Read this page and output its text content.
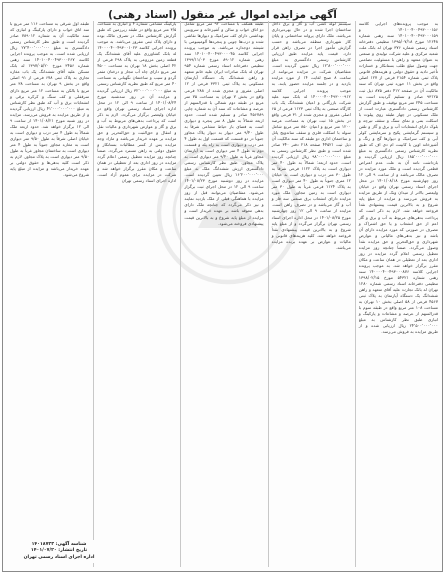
آگهی مزایده اموال غیر منقول (اسناد رهنی)

به موجب پرونده‌های اجرایی کلاسه ۱۴۰۱۰۰۴۰۰۴۹۳۰۰۰۱۵۶ و ۱۴۰۱۰۰۴۰۰۴۹۳۰۰۰۱۵۹ سند رهنی شماره ۱۲۶۴۸ مورخ ۱۳۹۵/۰۷/۱۸ تنظیمی دفترخانه اسناد رسمی شماره ۳۷۶ تهران له بانک ملت شعبه مرکزی و علیه شرکت تولیدی و صنعتی به عنوان متعهد و راهن با مسئولیت تضامنی جهت وصول مبلغ طلب بستانکار و خسارات تأخیر تادیه و حقوق دولتی و هزینه‌های قانونی پلاک ثبتی شماره ۲۱۵۴ فرعی از ۱۲۷ اصلی واقع در بخش ۱۱ حوزه ثبتی تهران که سند مالکیت آن در صفحه ۴۱۲ دفتر ۸۷۵ ذیل ثبت ۹۳۱۲۵ صادر و تسلیم گردیده است به مساحت ۲۴۵ متر مربع توقیف و طبق گزارش کارشناس رسمی دادگستری عبارت است از ملک مسکونی در چهار طبقه روی پیلوت با اسکلت بتنی و نمای سنگ و سقف تیرچه و بلوک دارای انشعابات آب و برق و گاز و تلفن و سیستم گرمایشی پکیج و سرمایشی کولر آبی و کف سرامیک و دیوارها گچ و رنگ و آشپزخانه اوپن با کابینت ام دی اف که طبق نظریه کارشناس رسمی دادگستری به مبلغ ۱۸۵٬۰۰۰٬۰۰۰٬۰۰۰ ریال ارزیابی گردیده و بازداشت نامه آن به علت عدم اعتراض قطعی گردیده است و ملک مورد مزایده در تصرف مالک می‌باشد و از ساعت ۹ الی ۱۲ روز چهارشنبه مورخ ۱۴۰۱/۰۸/۱۸ در محل اجرای اسناد رسمی تهران واقع در خیابان ولیعصر بالاتر از میدان ونک از طریق مزایده به فروش می‌رسد و مزایده از مبلغ پایه شروع و به بالاترین قیمت پیشنهادی نقداً فروخته خواهد شد. لازم به ذکر است که پرداخت بدهی‌های مربوط به آب و برق و گاز اعم از حق انشعاب و یا حق اشتراک و مصرف در صورتی که مورد مزایده دارای آن باشد و نیز بدهی‌های مالیاتی و عوارض شهرداری و حق‌التحریر و حق مزایده نقداً وصول می‌گردد. ضمناً چنانچه روز مزایده تعطیل رسمی اعلام گردد مزایده در روز اداری بعد از تعطیلی در همان ساعت و مکان مقرر برگزار خواهد شد. به موجب پرونده اجرایی کلاسه ۱۴۰۰۰۰۴۰۰۴۹۳۰۰۰۸۷۶ سند رهنی شماره ۵۴۳۲۱ مورخ ۱۳۹۸/۰۲/۱۵ تنظیمی دفترخانه اسناد رسمی شماره ۱۲۸۰ تهران له بانک تجارت علیه آقای متعهد و راهن ششدانگ یک دستگاه آپارتمان به پلاک ثبتی ۴۵۶۷ فرعی از ۵۸ اصلی بخش ۱۰ تهران به مساحت ۱۰۸ متر مربع واقع در طبقه سوم با قدرالسهم از عرصه و مشاعات و پارکینگ و انباری طبق نظر کارشناس به مبلغ ۲۴٬۵۰۰٬۰۰۰٬۰۰۰ ریال ارزیابی شده و از طریق مزایده به فروش می‌رسد.

سیستم لوله کشی آب و گاز و برق داخل ساختمان اجرا شده و در حال بهره‌برداری می‌باشد. ملک دارای پروانه ساختمانی و پایان کار شهرداری منطقه می‌باشد و حسب گزارش مأمور اجرا در تصرف راهن قرار دارد. قیمت پایه مزایده طبق ارزیابی کارشناس رسمی دادگستری به مبلغ ۱۲٬۸۰۰٬۰۰۰٬۰۰۰ ریال تعیین گردیده است. متقاضیان شرکت در مزایده می‌توانند از ساعت ۸ صبح لغایت ۱۴ از مورد مزایده بازدید و در جلسه مزایده حضور یابند. به موجب پرونده اجرایی کلاسه ۱۴۰۰۰۰۴۰۰۴۹۳۰۰۰۹۱۲ له بانک سپه علیه شرکت بازرگانی و اعیان ششدانگ یک باب کارگاه صنعتی به پلاک ثبتی ۱۱۲۳ فرعی از ۶۵ اصلی مفروز و مجزی شده از ۳۱ فرعی واقع در بخش ۱۵ ثبت تهران به مساحت عرصه ۱۲۰۰ متر مربع و اعیان ۸۵۰ متر مربع شامل سوله با اسکلت فلزی و سقف ساندویچ پانل و ساختمان اداری دو طبقه که سند مالکیت آن ذیل ثبت ۴۴۵۲۱ صفحه ۲۱۸ دفتر ۳۴۰ صادر شده است و طبق نظر کارشناس رسمی به مبلغ ۹۸٬۰۰۰٬۰۰۰٬۰۰۰ ریال ارزیابی گردیده است. حدود اربعه: شمالاً به طول ۴۰ متر دیواری است به پلاک ۱۱۲۲ فرعی شرقاً به طول ۳۰ متر درب و دیواری است به خیابان ۱۲ متری جنوباً به طول ۴۰ متر دیواری است به پلاک ۱۱۲۴ فرعی غرباً به طول ۳۰ متر دیواری است به زمین مجاور. ملک مورد مزایده دارای انشعاب برق صنعتی سه فاز و آب و گاز می‌باشد و در تصرف راهن است. مزایده از ساعت ۹ الی ۱۲ روز چهارشنبه مورخ ۱۴۰۱/۰۸/۲۵ در محل اداره اجرای اسناد رسمی تهران برگزار می‌گردد و از مبلغ پایه شروع و به بالاترین قیمت پیشنهادی نقداً فروخته خواهد شد. کلیه هزینه‌های قانونی و مالیات و عوارض بر عهده برنده مزایده می‌باشد.

طبقه همکف با مساحت ۹۲ متر مربع شامل دو اتاق خواب و سالن و آشپزخانه و سرویس بهداشتی دارای کف سرامیک و دیوارها نقاشی شده و درب‌ها چوبی و پنجره‌ها آلومینیومی با شیشه دوجداره می‌باشد. به موجب پرونده اجرایی کلاسه ۱۴۰۱۰۰۴۰۰۴۹۳۰۰۰۰۴۵ سند رهنی شماره ۸۹۰۱۲ مورخ ۱۳۹۹/۱۱/۰۳ تنظیمی دفترخانه اسناد رسمی شماره ۹۵۴ تهران له بانک صادرات ایران علیه خانم متعهد و راهن ششدانگ یک دستگاه آپارتمان مسکونی به پلاک ثبتی ۳۳۲۱ فرعی از ۱۲ اصلی مفروز و مجزی شده از ۲۸۸ فرعی واقع در بخش ۷ تهران به مساحت ۷۵ متر مربع در طبقه دوم شمالی با قدرالسهم از عرصه و مشاعات که سند آن به شماره چاپی ۴۵۶۷۸۹ صادر و تسلیم شده است. حدود اربعه شمالاً به طول ۸ متر پنجره و دیواری است به فضای باز حیاط مشاعی شرقاً به طول ۹/۴۰ متر دیوار به دیوار پلاک مجاور جنوباً در دو قسمت که قسمت اول به طول ۴ متر درب و دیواری است به راه پله و قسمت دوم به طول ۴ متر دیواری است به آپارتمان مجاور غرباً به طول ۹/۴۰ متر دیواری است به پلاک مجاور. طبق نظر کارشناس رسمی دادگستری ارزش ششدانگ ملک به مبلغ ۱۶٬۲۰۰٬۰۰۰٬۰۰۰ ریال تعیین گردیده است. مزایده در روز دوشنبه مورخ ۱۴۰۱/۰۸/۲۳ ساعت ۹ الی ۱۲ در محل اجرای ثبت برگزار می‌شود. متقاضیان می‌توانند قبل از روز مزایده با هماهنگی قبلی از ملک بازدید نمایند و نیز ذکر می‌گردد که چنانچه ملک دارای بدهی معوقه باشد بر عهده خریدار است و مزایده از مبلغ پایه شروع و به بالاترین قیمت پیشنهادی فروخته می‌شود.

پارکینگ مشاعی شماره ۴ و انباری به مساحت ۳/۵ متر مربع واقع در طبقه زیرزمین که طبق گزارش کارشناس ملک در تصرف مالک بوده و دارای پلاک ثبتی مفروز می‌باشد. به موجب پرونده اجرایی کلاسه ۱۴۰۰۰۰۴۰۰۴۹۳۰۰۱۰۲۳ له بانک کشاورزی علیه آقای ششدانگ یک قطعه زمین مزروعی به پلاک ۲۹۸ فرعی از ۴۲ اصلی بخش ۱۸ تهران به مساحت ۴۵۰۰ متر مربع دارای چاه آب مجاز و درختان مثمر گردو و سیب و ساختمان نگهبانی به مساحت ۴۰ متر مربع که طبق نظریه کارشناس رسمی به مبلغ ۳۲٬۰۰۰٬۰۰۰٬۰۰۰ ریال ارزیابی گردیده و مزایده آن در روز سه‌شنبه مورخ ۱۴۰۱/۰۸/۲۴ از ساعت ۹ الی ۱۲ در محل اداره اجرای اسناد رسمی تهران واقع در خیابان ولیعصر برگزار می‌گردد. لازم به ذکر است که پرداخت بدهی‌های مربوط به آب و برق و گاز و عوارض شهرداری و مالیات نقل و انتقال و حق‌الثبت و حق‌التحریر و حق مزایده بر عهده خریدار می‌باشد و مازاد وجه مزایده پس از کسر مطالبات بستانکار و حقوق دولتی به راهن مسترد می‌گردد. ضمناً چنانچه روز مزایده تعطیل رسمی اعلام گردد مزایده در روز اداری بعد از تعطیلی در همان ساعت و مکان مقرر برگزار خواهد شد و شرکت در مزایده برای عموم آزاد است. اداره اجرای اسناد رسمی تهران

طبقه اول شرقی به مساحت ۱۱۶ متر مربع با سه اتاق خواب و دارای پارکینگ و انباری که سند مالکیت آن به شماره ۷۸۹۰۱۲ صادر گردیده است و طبق نظر کارشناس رسمی دادگستری به مبلغ ۲۷٬۴۰۰٬۰۰۰٬۰۰۰ ریال ارزیابی شده است. به موجب پرونده اجرایی کلاسه ۱۴۰۱۰۰۴۰۰۴۹۳۰۰۰۲۶۷ سند رهنی شماره ۳۴۵۶ مورخ ۱۳۹۷/۰۵/۲۰ له بانک مسکن علیه آقای ششدانگ یک باب مغازه تجاری به پلاک ثبتی ۶۷۸ فرعی از ۹۱ اصلی واقع در بخش ۹ تهران به مساحت ۳۸ متر مربع با بالکن به مساحت ۱۲ متر مربع دارای سرقفلی و کف سنگ و کرکره برقی و انشعابات برق و آب که طبق نظر کارشناس به مبلغ ۴۱٬۰۰۰٬۰۰۰٬۰۰۰ ریال ارزیابی گردیده و از طریق مزایده به فروش می‌رسد. مزایده در روز شنبه مورخ ۱۴۰۱/۰۸/۲۱ از ساعت ۹ الی ۱۲ برگزار خواهد شد. حدود اربعه ملک شمالاً به طول ۴ متر درب و دیواری است به خیابان اصلی شرقاً به طول ۹/۵۰ متر دیواری است به مغازه مجاور جنوباً به طول ۴ متر دیواری است به ساختمان مجاور غرباً به طول ۹/۵۰ متر دیواری است به پلاک مجاور. لازم به ذکر است کلیه بدهی‌ها و حقوق دولتی بر عهده خریدار می‌باشد و مزایده از مبلغ پایه شروع می‌شود.

شناسه آگهی: ۱۴۰۱۸۷۲۳
تاریخ انتشار: ۱۴۰۱/۰۷/۲۰
اداره اجرای اسناد رسمی تهران
